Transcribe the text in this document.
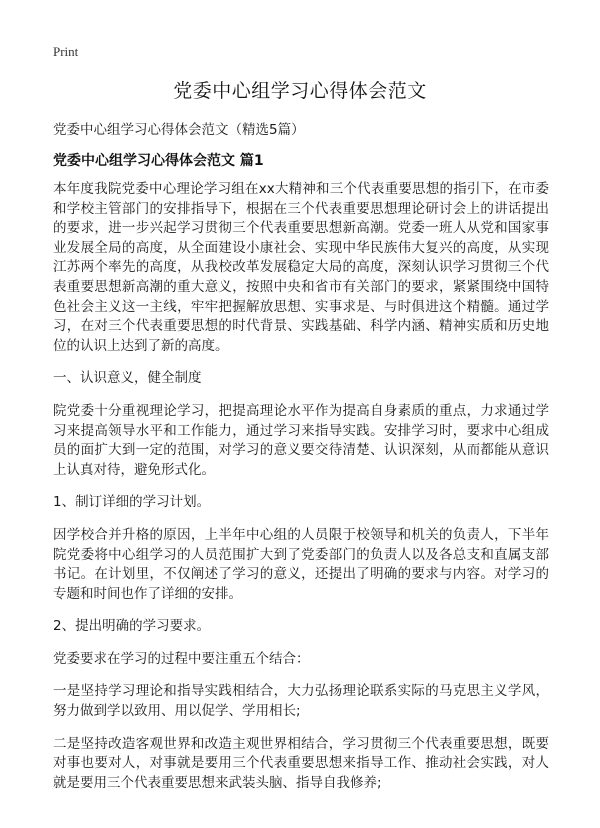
Print
党委中心组学习心得体会范文
党委中心组学习心得体会范文（精选5篇）
党委中心组学习心得体会范文 篇1

本年度我院党委中心理论学习组在xx大精神和三个代表重要思想的指引下，在市委和学校主管部门的安排指导下，根据在三个代表重要思想理论研讨会上的讲话提出的要求，进一步兴起学习贯彻三个代表重要思想新高潮。党委一班人从党和国家事业发展全局的高度，从全面建设小康社会、实现中华民族伟大复兴的高度，从实现江苏两个率先的高度，从我校改革发展稳定大局的高度，深刻认识学习贯彻三个代表重要思想新高潮的重大意义，按照中央和省市有关部门的要求，紧紧围绕中国特色社会主义这一主线，牢牢把握解放思想、实事求是、与时俱进这个精髓。通过学习，在对三个代表重要思想的时代背景、实践基础、科学内涵、精神实质和历史地位的认识上达到了新的高度。

一、认识意义，健全制度

院党委十分重视理论学习，把提高理论水平作为提高自身素质的重点，力求通过学习来提高领导水平和工作能力，通过学习来指导实践。安排学习时，要求中心组成员的面扩大到一定的范围，对学习的意义要交待清楚、认识深刻，从而都能从意识上认真对待，避免形式化。

1、制订详细的学习计划。

因学校合并升格的原因，上半年中心组的人员限于校领导和机关的负责人，下半年院党委将中心组学习的人员范围扩大到了党委部门的负责人以及各总支和直属支部书记。在计划里，不仅阐述了学习的意义，还提出了明确的要求与内容。对学习的专题和时间也作了详细的安排。

2、提出明确的学习要求。

党委要求在学习的过程中要注重五个结合：

一是坚持学习理论和指导实践相结合，大力弘扬理论联系实际的马克思主义学风，努力做到学以致用、用以促学、学用相长;

二是坚持改造客观世界和改造主观世界相结合，学习贯彻三个代表重要思想，既要对事也要对人，对事就是要用三个代表重要思想来指导工作、推动社会实践，对人就是要用三个代表重要思想来武装头脑、指导自我修养;
